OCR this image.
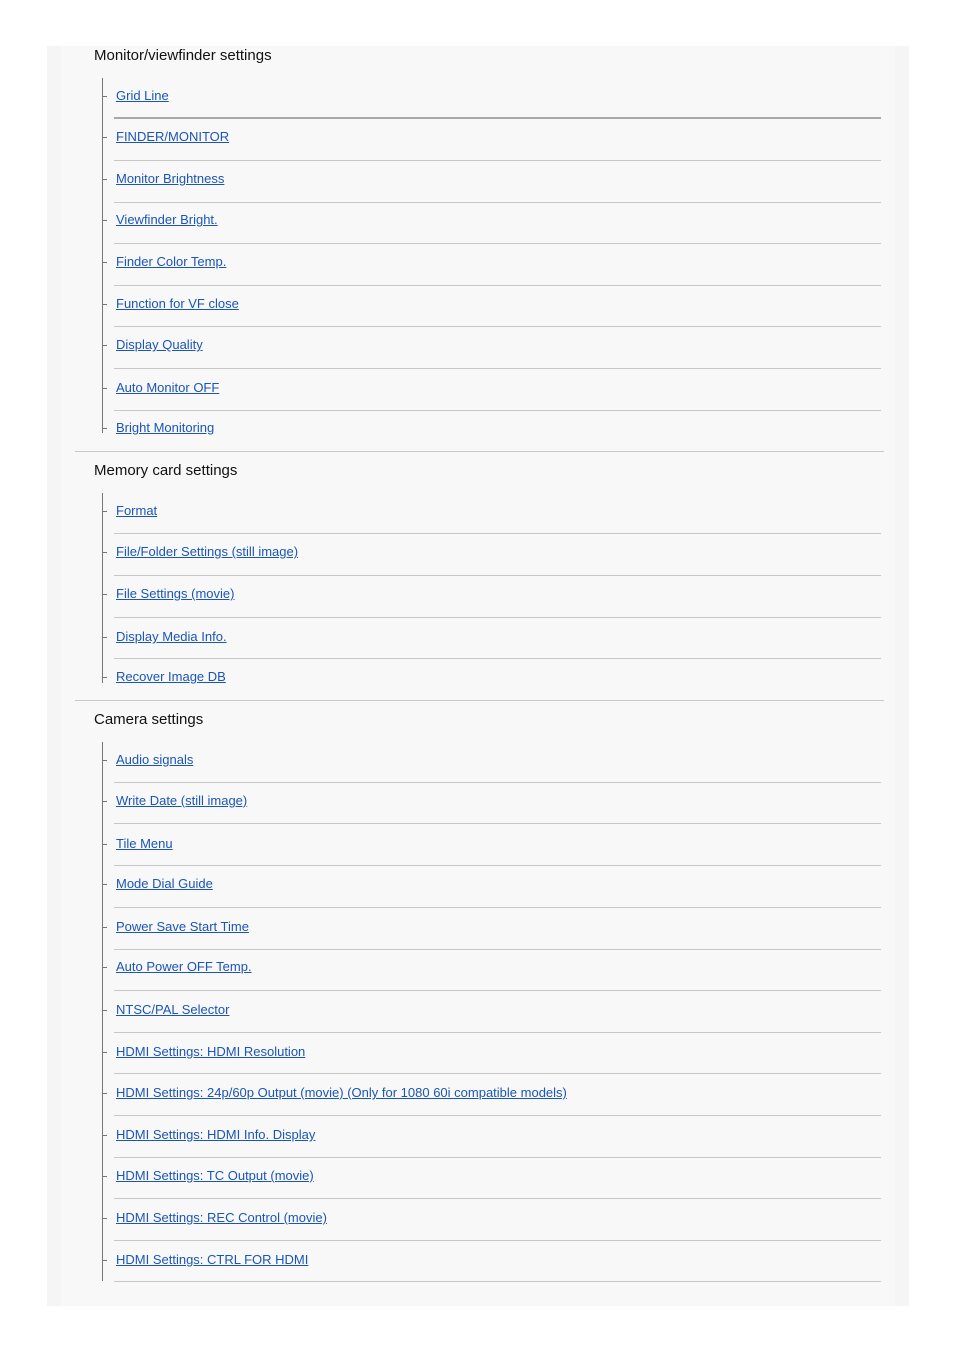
Monitor/viewfinder settings
Grid Line
FINDER/MONITOR
Monitor Brightness
Viewfinder Bright.
Finder Color Temp.
Function for VF close
Display Quality
Auto Monitor OFF
Bright Monitoring
Memory card settings
Format
File/Folder Settings (still image)
File Settings (movie)
Display Media Info.
Recover Image DB
Camera settings
Audio signals
Write Date (still image)
Tile Menu
Mode Dial Guide
Power Save Start Time
Auto Power OFF Temp.
NTSC/PAL Selector
HDMI Settings: HDMI Resolution
HDMI Settings: 24p/60p Output (movie) (Only for 1080 60i compatible models)
HDMI Settings: HDMI Info. Display
HDMI Settings: TC Output (movie)
HDMI Settings: REC Control (movie)
HDMI Settings: CTRL FOR HDMI
